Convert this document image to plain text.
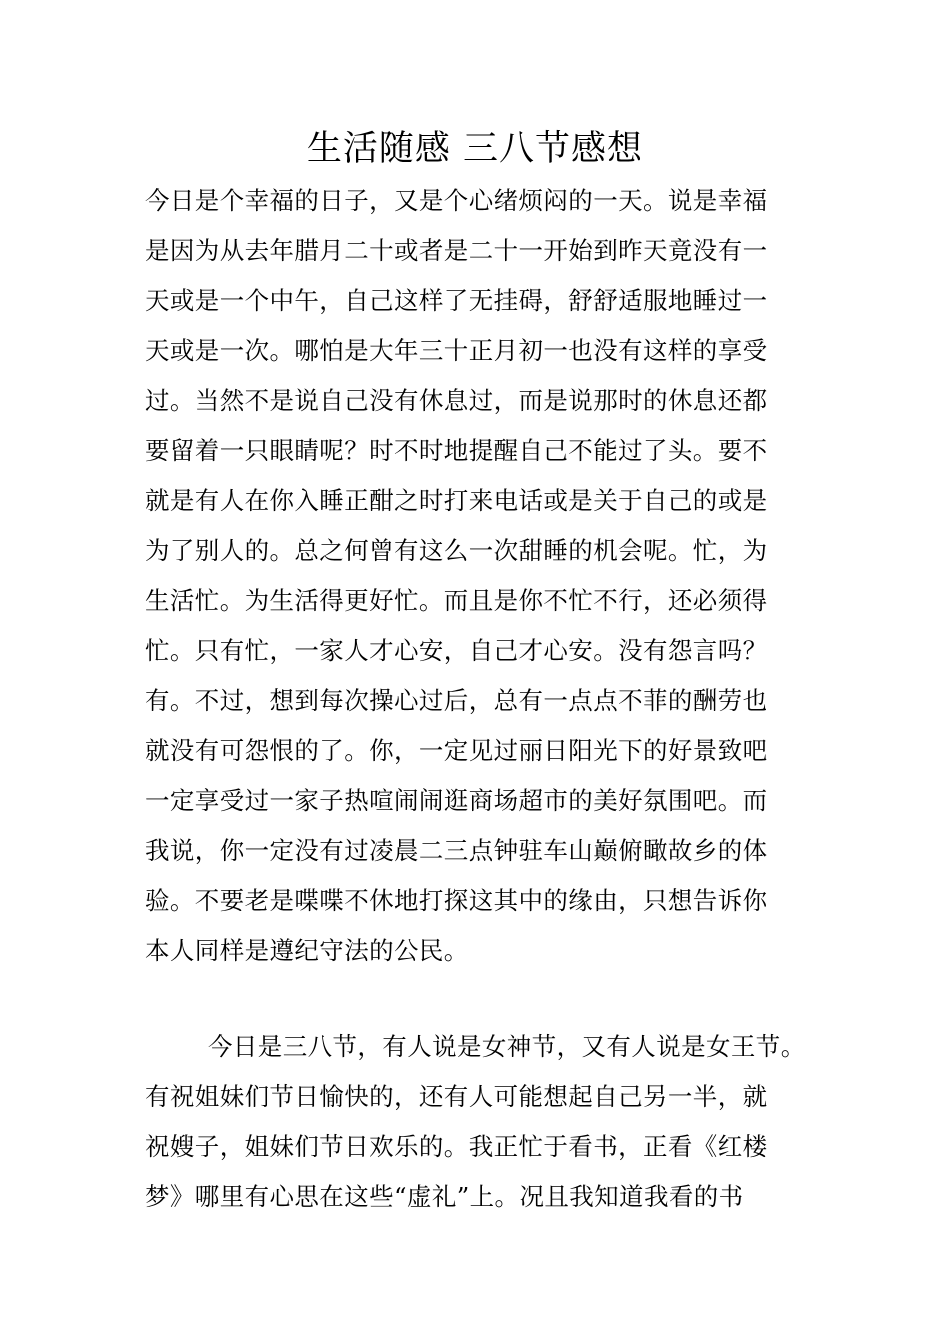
生活随感 三八节感想
今日是个幸福的日子，又是个心绪烦闷的一天。说是幸福
是因为从去年腊月二十或者是二十一开始到昨天竟没有一
天或是一个中午，自己这样了无挂碍，舒舒适服地睡过一
天或是一次。哪怕是大年三十正月初一也没有这样的享受
过。当然不是说自己没有休息过，而是说那时的休息还都
要留着一只眼睛呢？时不时地提醒自己不能过了头。要不
就是有人在你入睡正酣之时打来电话或是关于自己的或是
为了别人的。总之何曾有这么一次甜睡的机会呢。忙，为
生活忙。为生活得更好忙。而且是你不忙不行，还必须得
忙。只有忙，一家人才心安，自己才心安。没有怨言吗？
有。不过，想到每次操心过后，总有一点点不菲的酬劳也
就没有可怨恨的了。你，一定见过丽日阳光下的好景致吧
一定享受过一家子热喧闹闹逛商场超市的美好氛围吧。而
我说，你一定没有过凌晨二三点钟驻车山巅俯瞰故乡的体
验。不要老是喋喋不休地打探这其中的缘由，只想告诉你
本人同样是遵纪守法的公民。
今日是三八节，有人说是女神节，又有人说是女王节。
有祝姐妹们节日愉快的，还有人可能想起自己另一半，就
祝嫂子，姐妹们节日欢乐的。我正忙于看书，正看《红楼
梦》哪里有心思在这些“虚礼”上。况且我知道我看的书
